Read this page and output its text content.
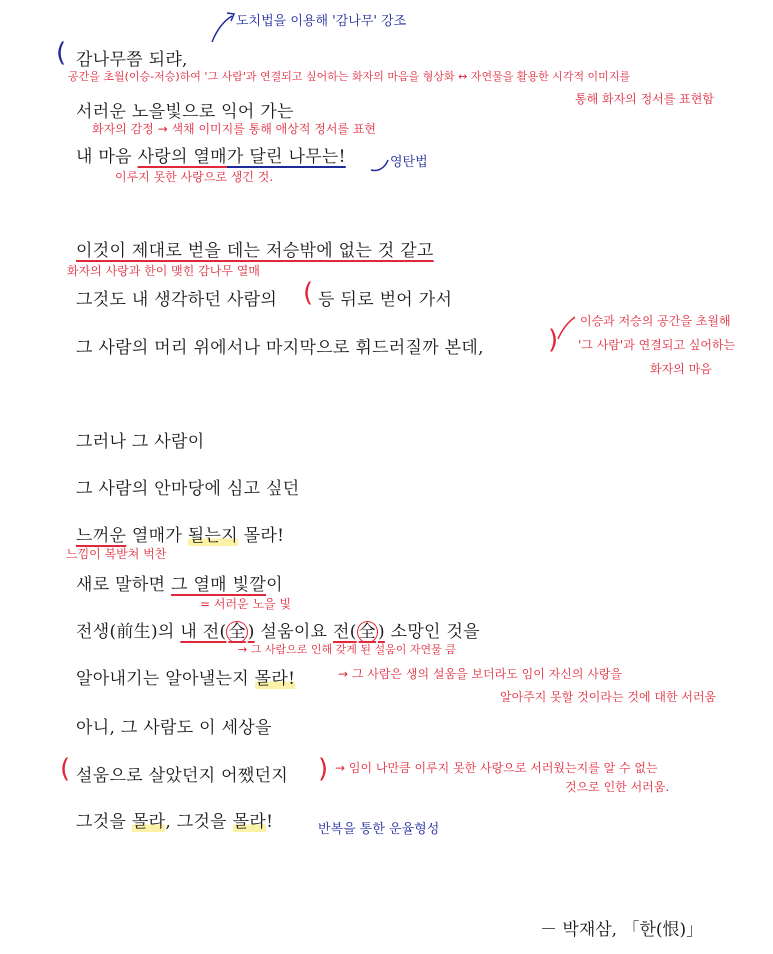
( 감나무쯤 되랴,
도치법을 이용해 '감나무' 강조
공간을 초월(이승-저승)하여 '그 사람'과 연결되고 싶어하는 화자의 마음을 형상화 ↔ 자연물을 활용한 시각적 이미지를
통해 화자의 정서를 표현함
서러운 노을빛으로 익어 가는
화자의 감정 → 색채 이미지를 통해 애상적 정서를 표현
내 마음 사랑의 열매가 달린 나무는!	영탄법
이루지 못한 사랑으로 생긴 것.
이것이 제대로 벋을 데는 저승밖에 없는 것 같고
화자의 사랑과 한이 맺힌 감나무 열매
그것도 내 생각하던 사람의 ( 등 뒤로 벋어 가서
그 사람의 머리 위에서나 마지막으로 휘드러질까 본데, )
이승과 저승의 공간을 초월해
'그 사람'과 연결되고 싶어하는
화자의 마음
그러나 그 사람이
그 사람의 안마당에 심고 싶던
느꺼운 열매가 될는지 몰라!
느낌이 복받쳐 벅찬
새로 말하면 그 열매 빛깔이
= 서러운 노을 빛
전생(前生)의 내 전( 全 ) 설움이요 전( 全 ) 소망인 것을
→ 그 사람으로 인해 갖게 된 설움이 자연물 큼
알아내기는 알아낼는지 몰라!	→ 그 사람은 생의 설움을 보더라도 임이 자신의 사랑을
알아주지 못할 것이라는 것에 대한 서러움
아니, 그 사람도 이 세상을
( 설움으로 살았던지 어쨌던지 ) → 임이 나만큼 이루지 못한 사랑으로 서러웠는지를 알 수 없는
것으로 인한 서러움.
그것을 몰라, 그것을 몰라!	반복을 통한 운율형성
－ 박재삼, 「한(恨)」
